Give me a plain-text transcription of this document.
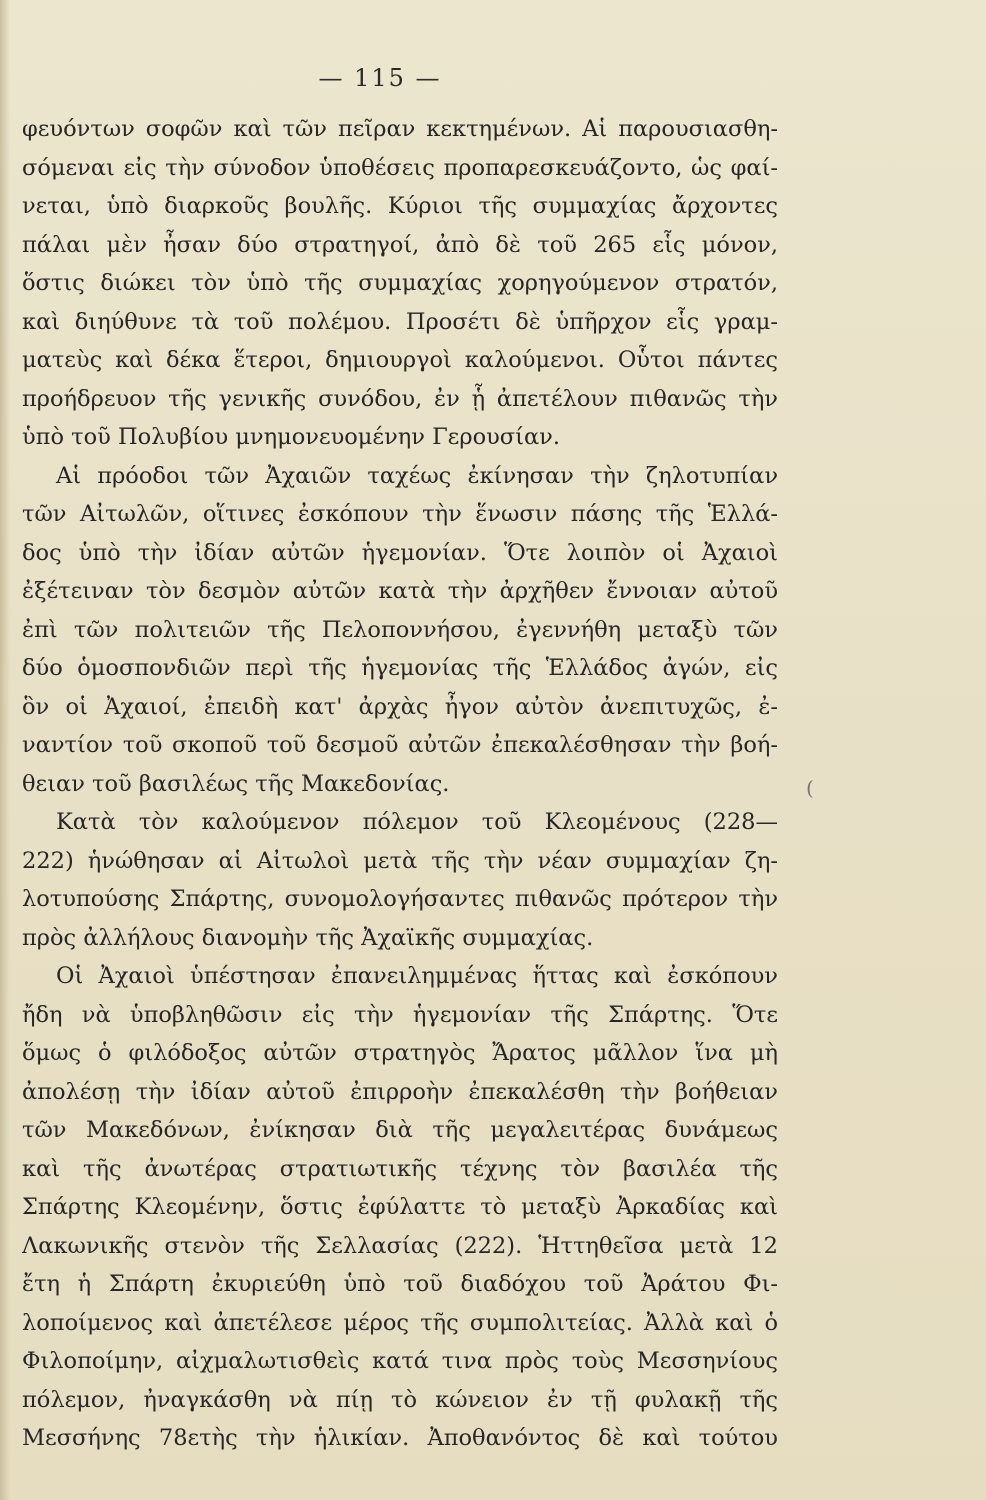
— 115 —
φευόντων σοφῶν καὶ τῶν πεῖραν κεκτημένων. Αἱ παρουσιασθη-
σόμεναι εἰς τὴν σύνοδον ὑποθέσεις προπαρεσκευάζοντο, ὡς φαί-
νεται, ὑπὸ διαρκοῦς βουλῆς. Κύριοι τῆς συμμαχίας ἄρχοντες
πάλαι μὲν ἦσαν δύο στρατηγοί, ἀπὸ δὲ τοῦ 265 εἷς μόνον,
ὅστις διώκει τὸν ὑπὸ τῆς συμμαχίας χορηγούμενον στρατόν,
καὶ διηύθυνε τὰ τοῦ πολέμου. Προσέτι δὲ ὑπῆρχον εἷς γραμ-
ματεὺς καὶ δέκα ἕτεροι, δημιουργοὶ καλούμενοι. Οὗτοι πάντες
προήδρευον τῆς γενικῆς συνόδου, ἐν ᾗ ἀπετέλουν πιθανῶς τὴν
ὑπὸ τοῦ Πολυβίου μνημονευομένην Γερουσίαν.
Αἱ πρόοδοι τῶν Ἀχαιῶν ταχέως ἐκίνησαν τὴν ζηλοτυπίαν
τῶν Αἰτωλῶν, οἵτινες ἐσκόπουν τὴν ἕνωσιν πάσης τῆς Ἑλλά-
δος ὑπὸ τὴν ἰδίαν αὐτῶν ἡγεμονίαν. Ὅτε λοιπὸν οἱ Ἀχαιοὶ
ἐξέτειναν τὸν δεσμὸν αὐτῶν κατὰ τὴν ἀρχῆθεν ἔννοιαν αὐτοῦ
ἐπὶ τῶν πολιτειῶν τῆς Πελοποννήσου, ἐγεννήθη μεταξὺ τῶν
δύο ὁμοσπονδιῶν περὶ τῆς ἡγεμονίας τῆς Ἑλλάδος ἀγών, εἰς
ὃν οἱ Ἀχαιοί, ἐπειδὴ κατ' ἀρχὰς ἦγον αὐτὸν ἀνεπιτυχῶς, ἐ-
ναντίον τοῦ σκοποῦ τοῦ δεσμοῦ αὐτῶν ἐπεκαλέσθησαν τὴν βοή-
θειαν τοῦ βασιλέως τῆς Μακεδονίας.
Κατὰ τὸν καλούμενον πόλεμον τοῦ Κλεομένους (228—
222) ἡνώθησαν αἱ Αἰτωλοὶ μετὰ τῆς τὴν νέαν συμμαχίαν ζη-
λοτυπούσης Σπάρτης, συνομολογήσαντες πιθανῶς πρότερον τὴν
πρὸς ἀλλήλους διανομὴν τῆς Ἀχαϊκῆς συμμαχίας.
Οἱ Ἀχαιοὶ ὑπέστησαν ἐπανειλημμένας ἥττας καὶ ἐσκόπουν
ἤδη νὰ ὑποβληθῶσιν εἰς τὴν ἡγεμονίαν τῆς Σπάρτης. Ὅτε
ὅμως ὁ φιλόδοξος αὐτῶν στρατηγὸς Ἄρατος μᾶλλον ἵνα μὴ
ἀπολέσῃ τὴν ἰδίαν αὐτοῦ ἐπιρροὴν ἐπεκαλέσθη τὴν βοήθειαν
τῶν Μακεδόνων, ἐνίκησαν διὰ τῆς μεγαλειτέρας δυνάμεως
καὶ τῆς ἀνωτέρας στρατιωτικῆς τέχνης τὸν βασιλέα τῆς
Σπάρτης Κλεομένην, ὅστις ἐφύλαττε τὸ μεταξὺ Ἀρκαδίας καὶ
Λακωνικῆς στενὸν τῆς Σελλασίας (222). Ἡττηθεῖσα μετὰ 12
ἔτη ἡ Σπάρτη ἐκυριεύθη ὑπὸ τοῦ διαδόχου τοῦ Ἀράτου Φι-
λοποίμενος καὶ ἀπετέλεσε μέρος τῆς συμπολιτείας. Ἀλλὰ καὶ ὁ
Φιλοποίμην, αἰχμαλωτισθεὶς κατά τινα πρὸς τοὺς Μεσσηνίους
πόλεμον, ἠναγκάσθη νὰ πίῃ τὸ κώνειον ἐν τῇ φυλακῇ τῆς
Μεσσήνης 78ετὴς τὴν ἡλικίαν. Ἀποθανόντος δὲ καὶ τούτου
(
